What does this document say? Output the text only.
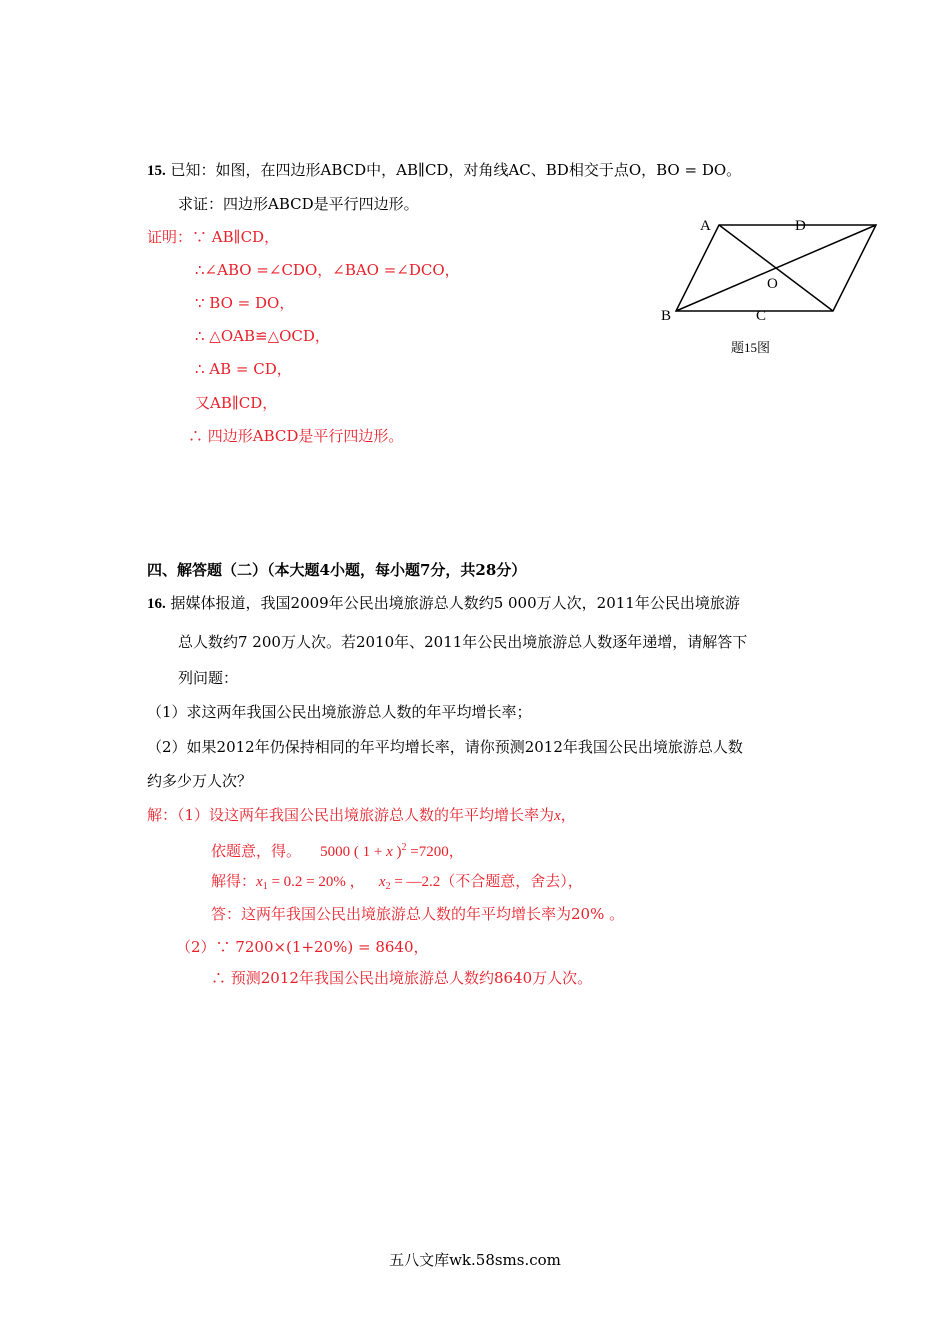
15. 已知：如图，在四边形ABCD中，AB∥CD，对角线AC、BD相交于点O，BO = DO。
求证：四边形ABCD是平行四边形。
证明：∵ AB∥CD，
∴∠ABO =∠CDO，∠BAO =∠DCO，
∵ BO = DO，
∴ △OAB≌△OCD，
∴ AB = CD，
又AB∥CD，
∴ 四边形ABCD是平行四边形。
A	D
O
B	C
题15图
四、解答题（二）（本大题4小题，每小题7分，共28分）
16. 据媒体报道，我国2009年公民出境旅游总人数约5 000万人次，2011年公民出境旅游
总人数约7 200万人次。若2010年、2011年公民出境旅游总人数逐年递增，请解答下
列问题：
（1）求这两年我国公民出境旅游总人数的年平均增长率；
（2）如果2012年仍保持相同的年平均增长率，请你预测2012年我国公民出境旅游总人数
约多少万人次？
解：（1）设这两年我国公民出境旅游总人数的年平均增长率为x，
依题意，得。 5000 ( 1 + x )$^2$ =7200，
解得：$x_1 = 0.2 = 20\%$ ， $x_2$ = —2.2（不合题意，舍去），
答：这两年我国公民出境旅游总人数的年平均增长率为20% 。
（2）∵ 7200×(1+20%) = 8640，
∴ 预测2012年我国公民出境旅游总人数约8640万人次。
五八文库wk.58sms.com
